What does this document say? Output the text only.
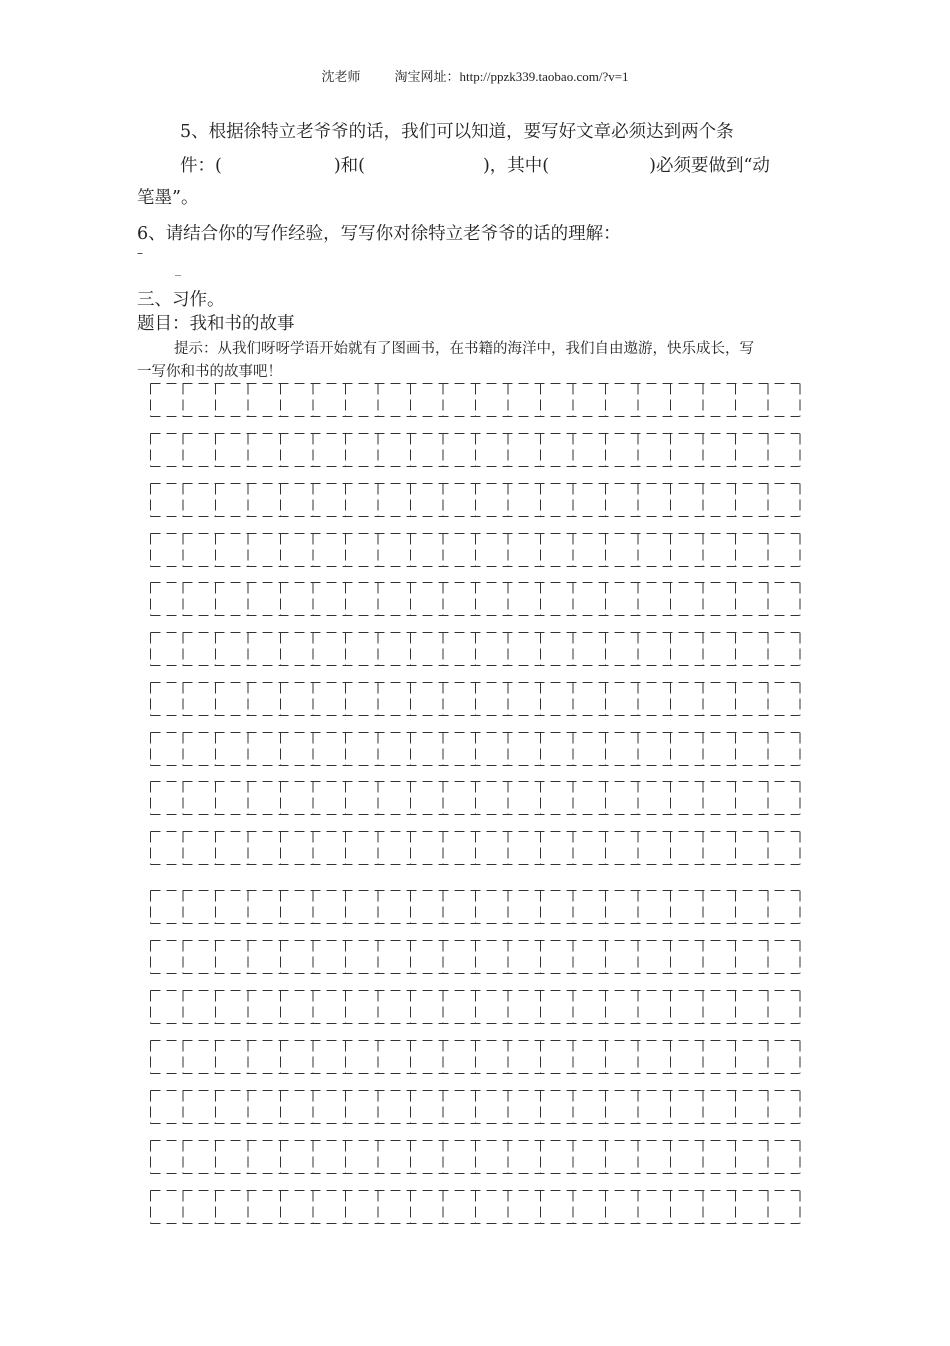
沈老师	淘宝网址：http://ppzk339.taobao.com/?v=1
5、根据徐特立老爷爷的话，我们可以知道，要写好文章必须达到两个条
件：(	)和(	)，其中(	)必须要做到“动
笔墨”。
6、请结合你的写作经验，写写你对徐特立老爷爷的话的理解：
–
_
三、习作。
题目：我和书的故事
提示：从我们呀呀学语开始就有了图画书，在书籍的海洋中，我们自由遨游，快乐成长，写
一写你和书的故事吧！
